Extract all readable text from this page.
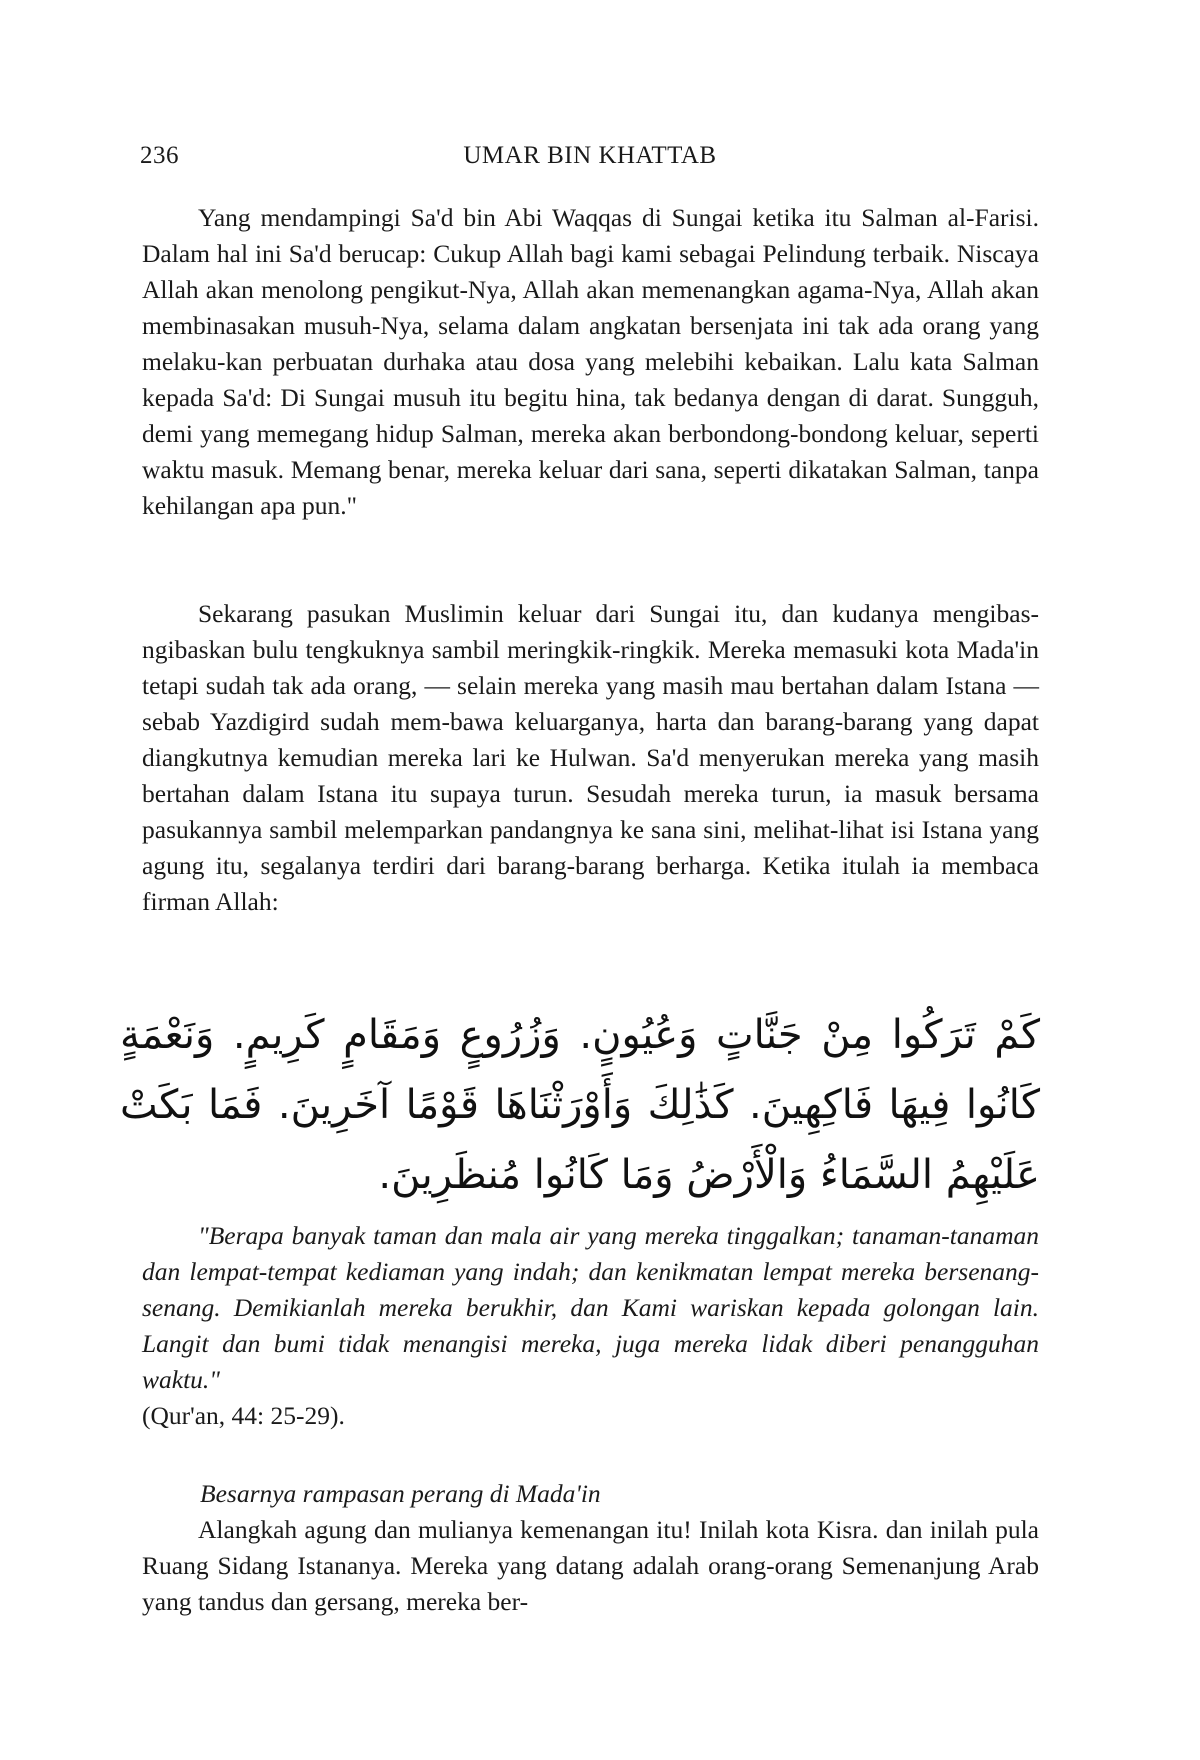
236	UMAR BIN KHATTAB

Yang mendampingi Sa'd bin Abi Waqqas di Sungai ketika itu Salman al-Farisi. Dalam hal ini Sa'd berucap: Cukup Allah bagi kami sebagai Pelindung terbaik. Niscaya Allah akan menolong pengikut-Nya, Allah akan memenangkan agama-Nya, Allah akan membinasakan musuh-Nya, selama dalam angkatan bersenjata ini tak ada orang yang melaku-kan perbuatan durhaka atau dosa yang melebihi kebaikan. Lalu kata Salman kepada Sa'd: Di Sungai musuh itu begitu hina, tak bedanya dengan di darat. Sungguh, demi yang memegang hidup Salman, mereka akan berbondong-bondong keluar, seperti waktu masuk. Memang benar, mereka keluar dari sana, seperti dikatakan Salman, tanpa kehilangan apa pun."

Sekarang pasukan Muslimin keluar dari Sungai itu, dan kudanya mengibas-ngibaskan bulu tengkuknya sambil meringkik-ringkik. Mereka memasuki kota Mada'in tetapi sudah tak ada orang, — selain mereka yang masih mau bertahan dalam Istana — sebab Yazdigird sudah mem-bawa keluarganya, harta dan barang-barang yang dapat diangkutnya kemudian mereka lari ke Hulwan. Sa'd menyerukan mereka yang masih bertahan dalam Istana itu supaya turun. Sesudah mereka turun, ia masuk bersama pasukannya sambil melemparkan pandangnya ke sana sini, melihat-lihat isi Istana yang agung itu, segalanya terdiri dari barang-barang berharga. Ketika itulah ia membaca firman Allah:

كَمْ تَرَكُوا مِنْ جَنَّاتٍ وَعُيُونٍ. وَزُرُوعٍ وَمَقَامٍ كَرِيمٍ. وَنَعْمَةٍ كَانُوا فِيهَا فَاكِهِينَ. كَذَٰلِكَ وَأَوْرَثْنَاهَا قَوْمًا آخَرِينَ. فَمَا بَكَتْ عَلَيْهِمُ السَّمَاءُ وَالْأَرْضُ وَمَا كَانُوا مُنظَرِينَ.

"Berapa banyak taman dan mala air yang mereka tinggalkan; tanaman-tanaman dan lempat-tempat kediaman yang indah; dan kenikmatan lempat mereka bersenang-senang. Demikianlah mereka berukhir, dan Kami wariskan kepada golongan lain. Langit dan bumi tidak menangisi mereka, juga mereka lidak diberi penangguhan waktu."
(Qur'an, 44: 25-29).

Besarnya rampasan perang di Mada'in

Alangkah agung dan mulianya kemenangan itu! Inilah kota Kisra. dan inilah pula Ruang Sidang Istananya. Mereka yang datang adalah orang-orang Semenanjung Arab yang tandus dan gersang, mereka ber-
